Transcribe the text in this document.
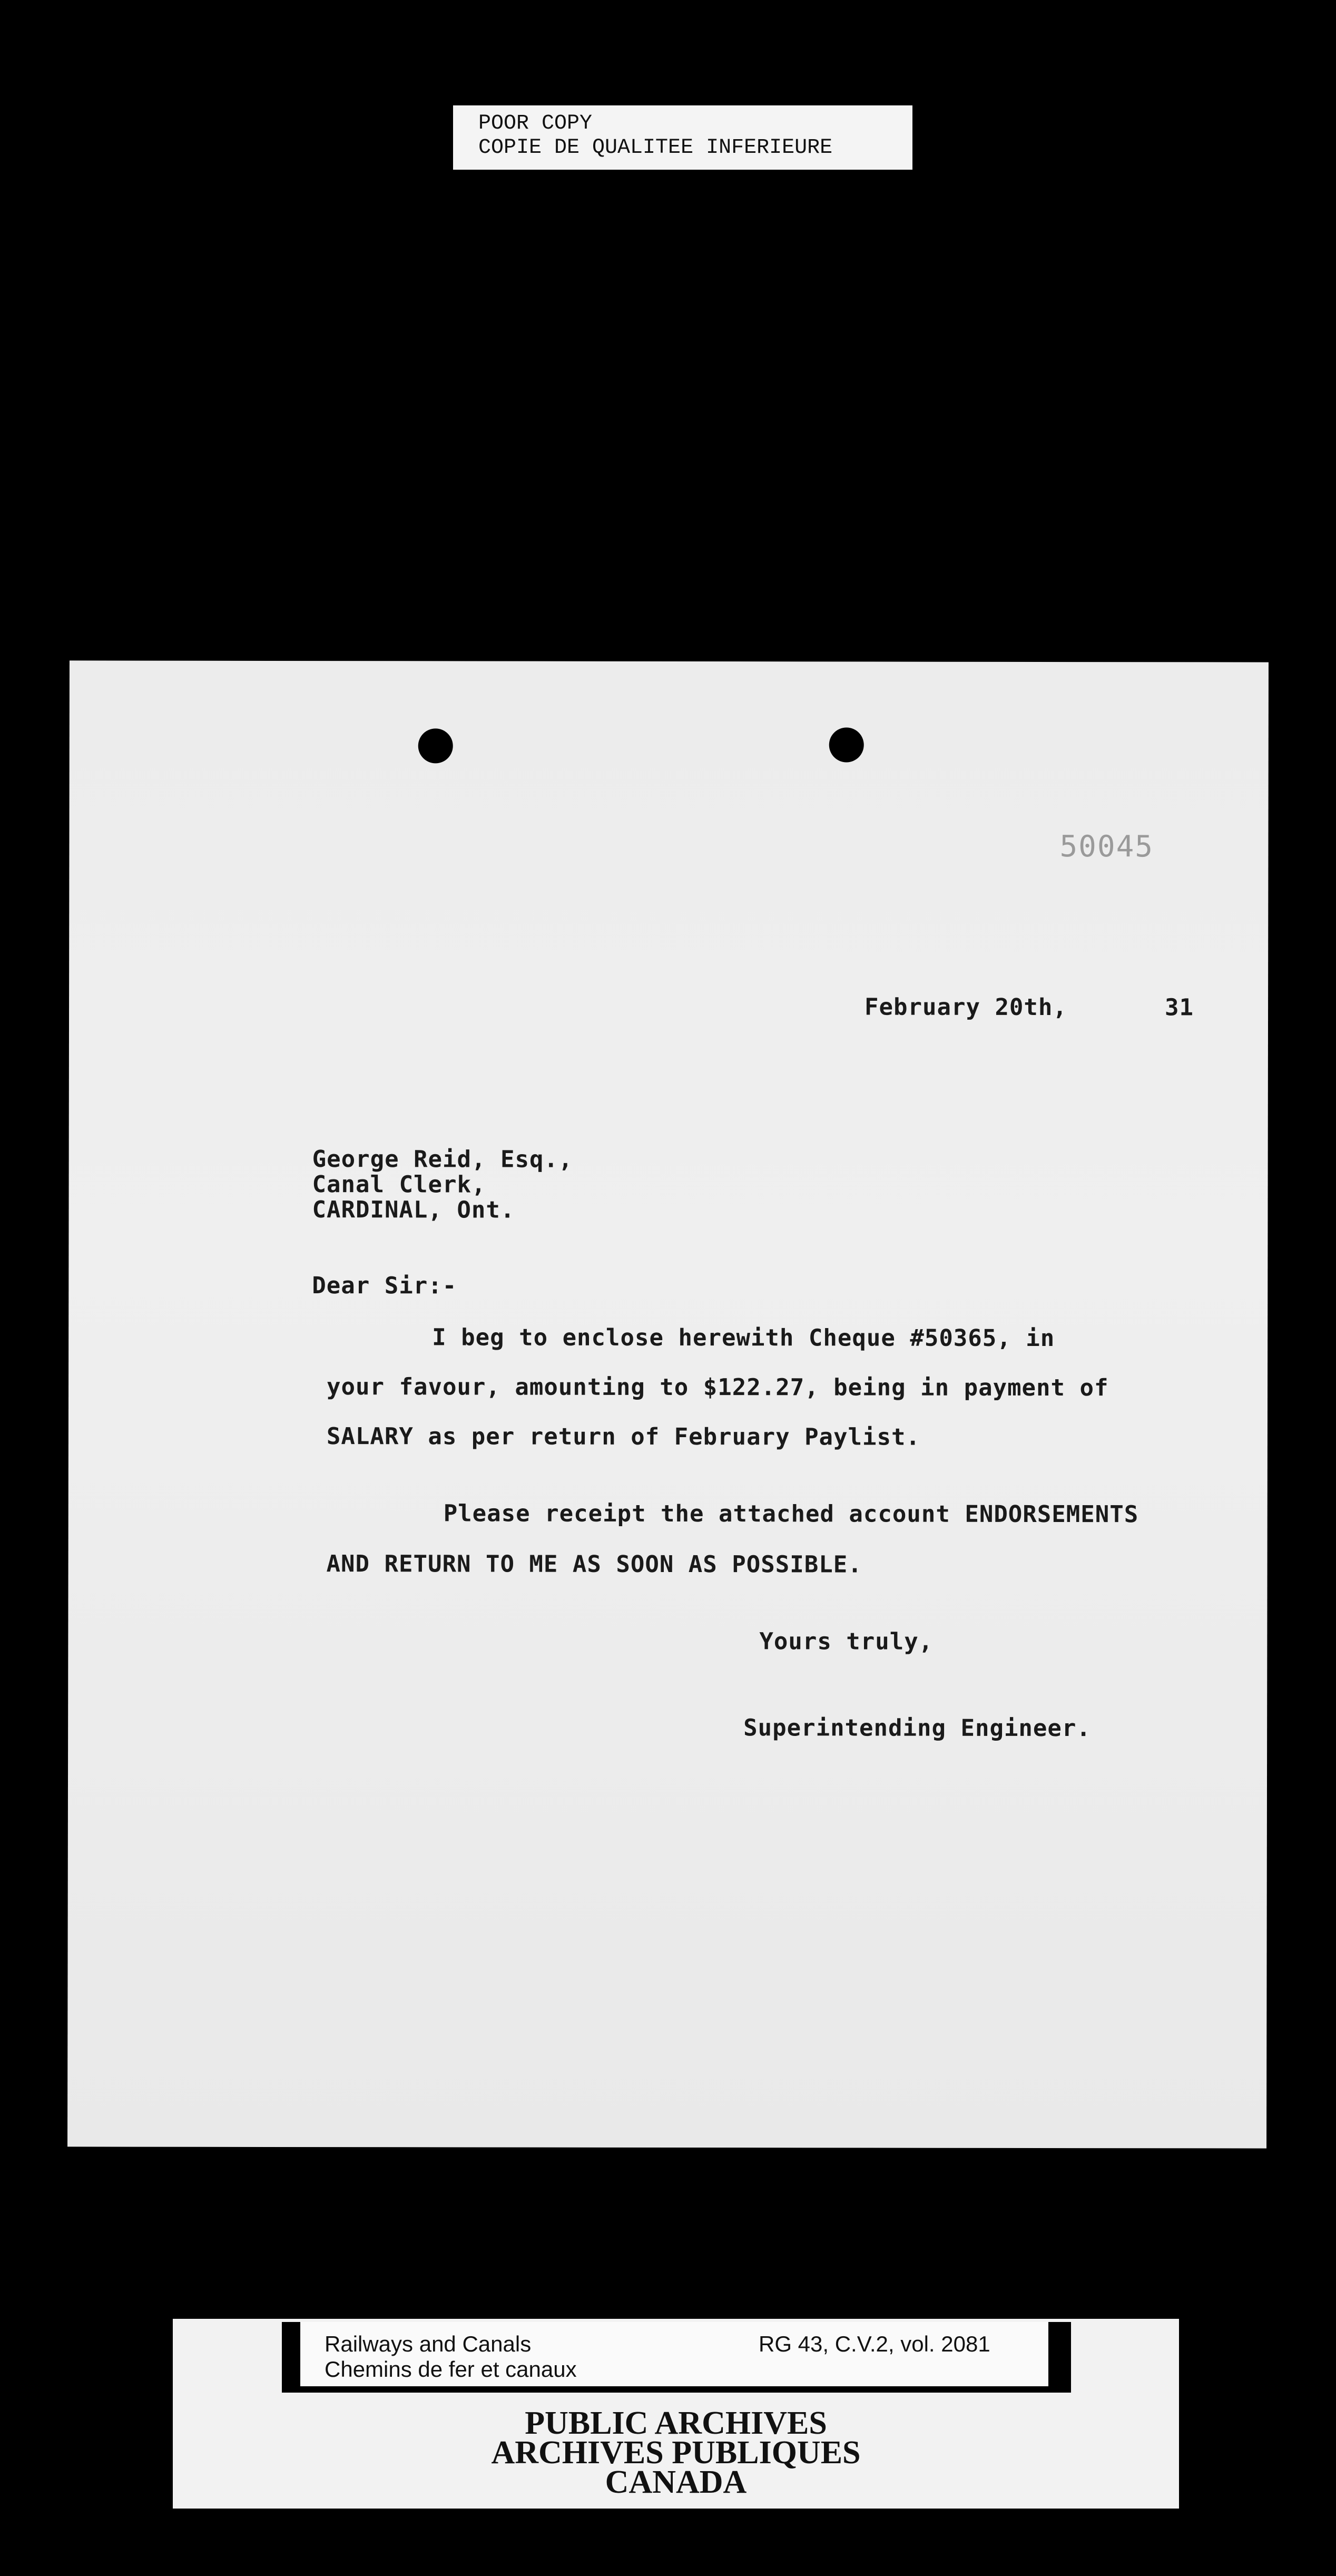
POOR COPY
COPIE DE QUALITEE INFERIEURE
50045
February 20th,	31
George Reid, Esq.,
Canal Clerk,
CARDINAL, Ont.
Dear Sir:-
I beg to enclose herewith Cheque #50365, in
your favour, amounting to $122.27, being in payment of
SALARY as per return of February Paylist.
Please receipt the attached account ENDORSEMENTS
AND RETURN TO ME AS SOON AS POSSIBLE.
Yours truly,
Superintending Engineer.
Railways and Canals
Chemins de fer et canaux
RG 43, C.V.2, vol. 2081
PUBLIC ARCHIVES
ARCHIVES PUBLIQUES
CANADA
